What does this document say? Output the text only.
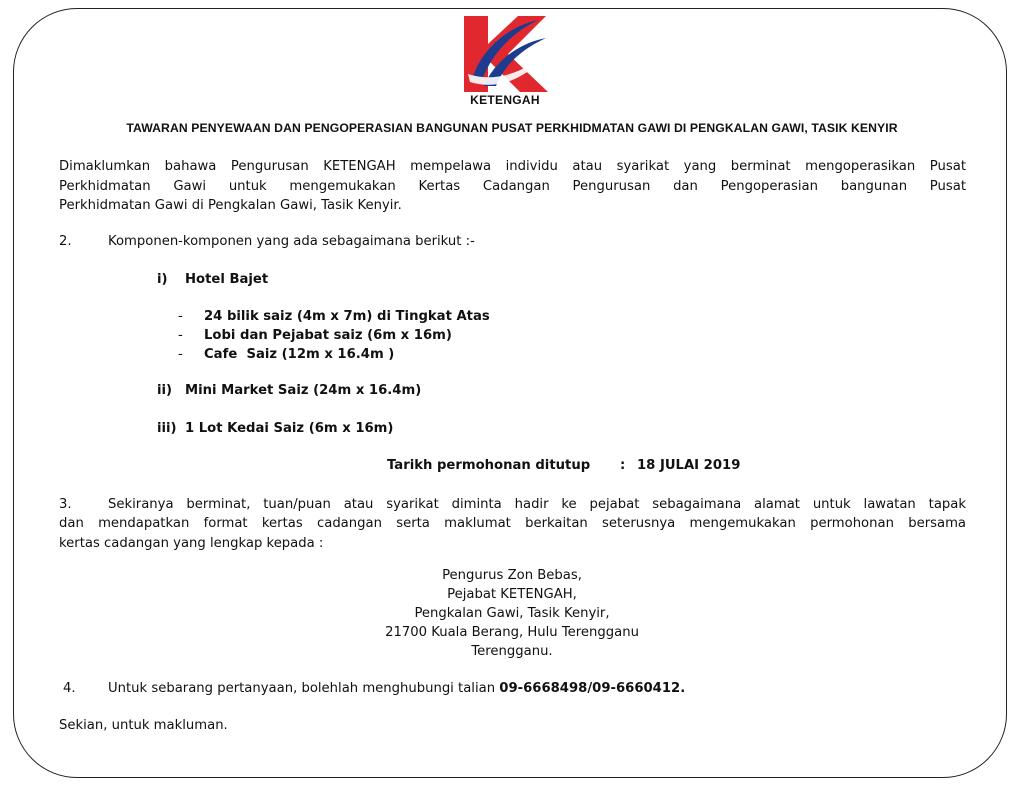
KETENGAH
TAWARAN PENYEWAAN DAN PENGOPERASIAN BANGUNAN PUSAT PERKHIDMATAN GAWI DI PENGKALAN GAWI, TASIK KENYIR
Dimaklumkan bahawa Pengurusan KETENGAH mempelawa individu atau syarikat yang berminat mengoperasikan Pusat
Perkhidmatan Gawi untuk mengemukakan Kertas Cadangan Pengurusan dan Pengoperasian bangunan Pusat
Perkhidmatan Gawi di Pengkalan Gawi, Tasik Kenyir.
2.	Komponen-komponen yang ada sebagaimana berikut :-
i) Hotel Bajet
- 24 bilik saiz (4m x 7m) di Tingkat Atas
- Lobi dan Pejabat saiz (6m x 16m)
- Cafe  Saiz (12m x 16.4m )
ii) Mini Market Saiz (24m x 16.4m)
iii) 1 Lot Kedai Saiz (6m x 16m)
Tarikh permohonan ditutup : 18 JULAI 2019
3.	Sekiranya berminat, tuan/puan atau syarikat diminta hadir ke pejabat sebagaimana alamat untuk lawatan tapak
dan mendapatkan format kertas cadangan serta maklumat berkaitan seterusnya mengemukakan permohonan bersama
kertas cadangan yang lengkap kepada :
Pengurus Zon Bebas,
Pejabat KETENGAH,
Pengkalan Gawi, Tasik Kenyir,
21700 Kuala Berang, Hulu Terengganu
Terengganu.
4. Untuk sebarang pertanyaan, bolehlah menghubungi talian 09-6668498/09-6660412.
Sekian, untuk makluman.
